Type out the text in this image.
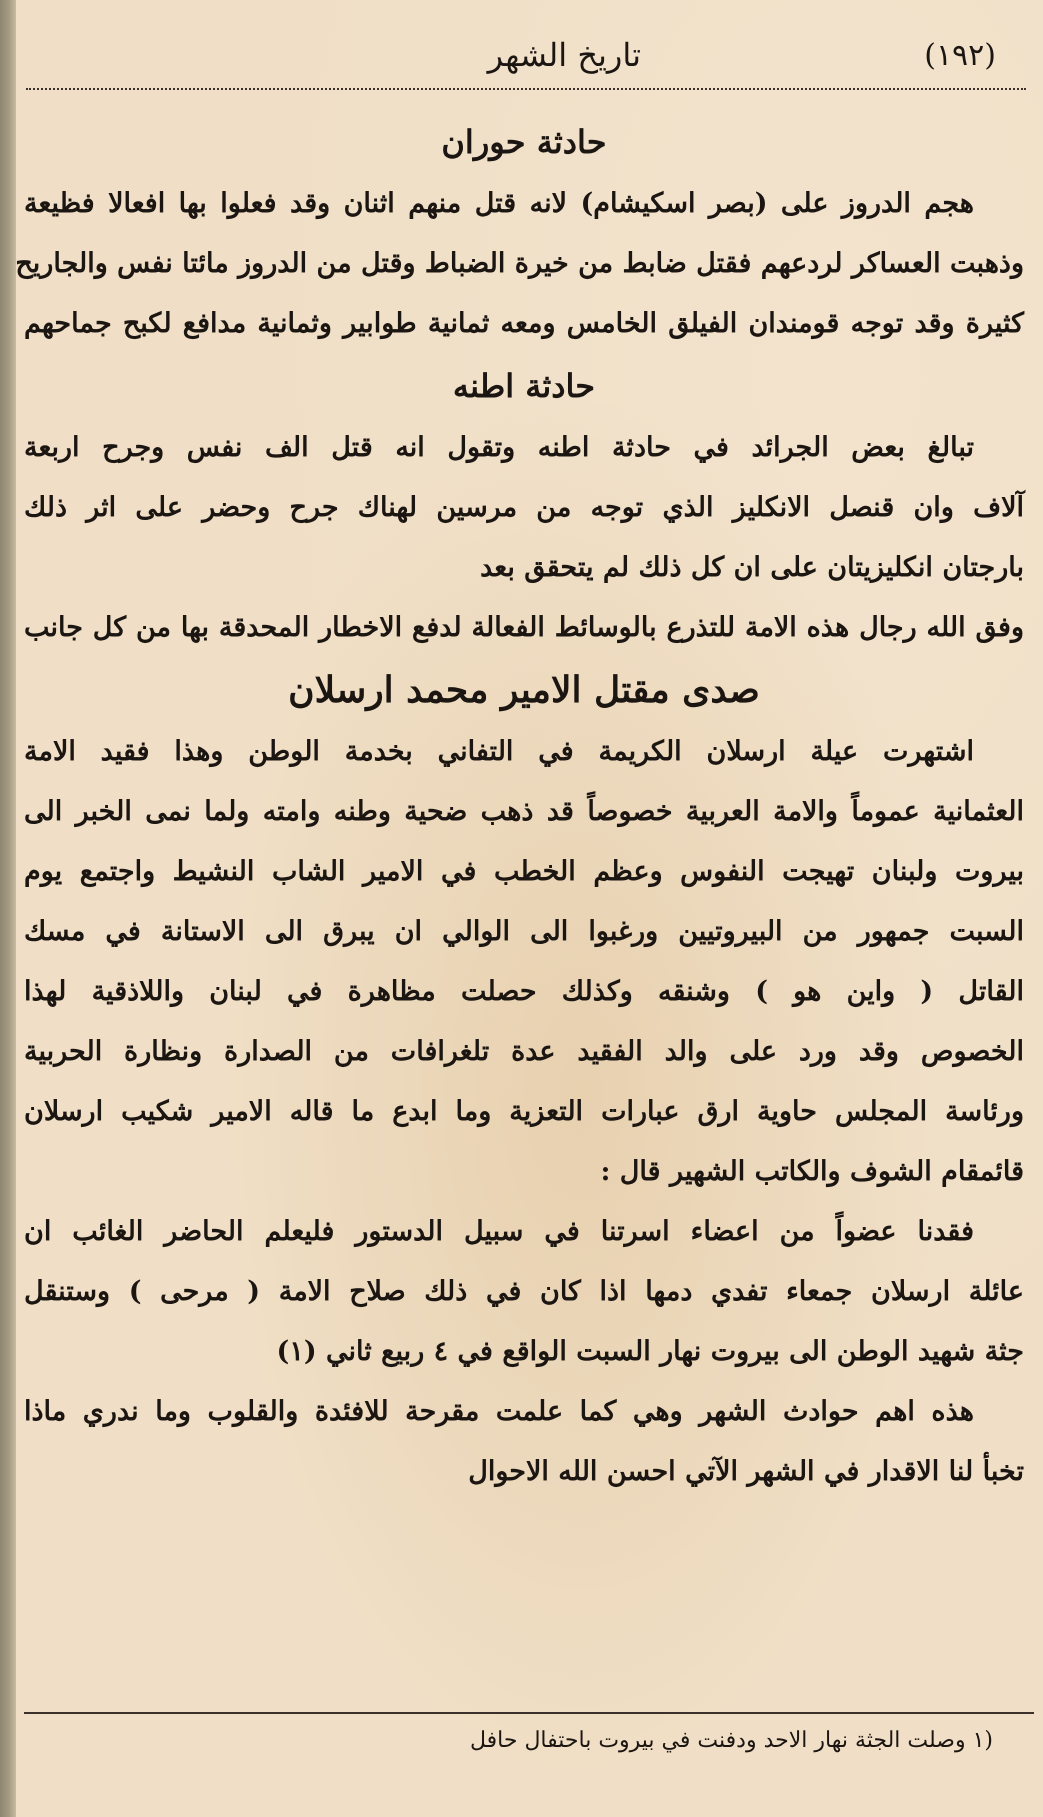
(١٩٢)
تاريخ الشهر
حادثة حوران
هجم الدروز على (بصر اسكيشام) لانه قتل منهم اثنان وقد فعلوا بها افعالا فظيعة
وذهبت العساكر لردعهم فقتل ضابط من خيرة الضباط وقتل من الدروز مائتا نفس والجاريح
كثيرة وقد توجه قومندان الفيلق الخامس ومعه ثمانية طوابير وثمانية مدافع لكبح جماحهم
حادثة اطنه
تبالغ بعض الجرائد في حادثة اطنه وتقول انه قتل الف نفس وجرح اربعة
آلاف وان قنصل الانكليز الذي توجه من مرسين لهناك جرح وحضر على اثر ذلك
بارجتان انكليزيتان على ان كل ذلك لم يتحقق بعد
وفق الله رجال هذه الامة للتذرع بالوسائط الفعالة لدفع الاخطار المحدقة بها من كل جانب
صدى مقتل الامير محمد ارسلان
اشتهرت عيلة ارسلان الكريمة في التفاني بخدمة الوطن وهذا فقيد الامة
العثمانية عموماً والامة العربية خصوصاً قد ذهب ضحية وطنه وامته ولما نمى الخبر الى
بيروت ولبنان تهيجت النفوس وعظم الخطب في الامير الشاب النشيط واجتمع يوم
السبت جمهور من البيروتيين ورغبوا الى الوالي ان يبرق الى الاستانة في مسك
القاتل ( واين هو ) وشنقه وكذلك حصلت مظاهرة في لبنان واللاذقية لهذا
الخصوص وقد ورد على والد الفقيد عدة تلغرافات من الصدارة ونظارة الحربية
ورئاسة المجلس حاوية ارق عبارات التعزية وما ابدع ما قاله الامير شكيب ارسلان
قائمقام الشوف والكاتب الشهير قال :
فقدنا عضواً من اعضاء اسرتنا في سبيل الدستور فليعلم الحاضر الغائب ان
عائلة ارسلان جمعاء تفدي دمها اذا كان في ذلك صلاح الامة ( مرحى ) وستنقل
جثة شهيد الوطن الى بيروت نهار السبت الواقع في ٤ ربيع ثاني (١)
هذه اهم حوادث الشهر وهي كما علمت مقرحة للافئدة والقلوب وما ندري ماذا
تخبأ لنا الاقدار في الشهر الآتي احسن الله الاحوال
(١ وصلت الجثة نهار الاحد ودفنت في بيروت باحتفال حافل
